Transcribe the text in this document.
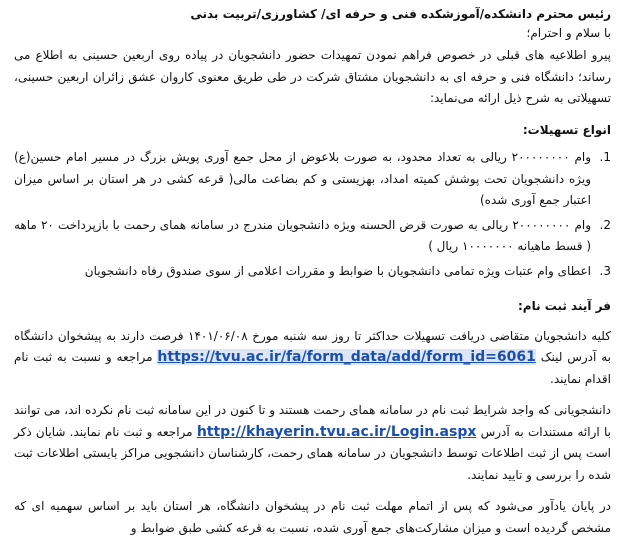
رئیس محترم دانشکده/آموزشکده فنی و حرفه ای/ کشاورزی/تربیت بدنی

با سلام و احترام؛

پیرو اطلاعیه های قبلی در خصوص فراهم نمودن تمهیدات حضور دانشجویان در پیاده روی اربعین حسینی به اطلاع می رساند؛ دانشگاه فنی و حرفه ای به دانشجویان مشتاق شرکت در طی طریق معنوی کاروان عشق زائران اربعین حسینی، تسهیلاتی به شرح ذیل ارائه می‌نماید:

انواع تسهیلات:

1.
وام ۲۰۰۰۰۰۰۰۰ ریالی به تعداد محدود، به صورت بلاعوض از محل جمع آوری پویش بزرگ در مسیر امام حسین(ع) ویژه دانشجویان تحت پوشش کمیته امداد، بهزیستی و کم بضاعت مالی( قرعه کشی در هر استان بر اساس میزان اعتبار جمع آوری شده)
2.
وام ۲۰۰۰۰۰۰۰۰ ریالی به صورت قرض الحسنه ویژه دانشجویان مندرج در سامانه همای رحمت با بازپرداخت ۲۰ ماهه ( قسط ماهیانه ۱۰۰۰۰۰۰۰ ریال )
3.
اعطای وام عتبات ویژه تمامی دانشجویان با ضوابط و مقررات اعلامی از سوی صندوق رفاه دانشجویان

فر آیند ثبت نام:

کلیه دانشجویان متقاضی دریافت تسهیلات حداکثر تا روز سه شنبه مورخ ۱۴۰۱/۰۶/۰۸ فرصت دارند به پیشخوان دانشگاه به آدرس لینک https://tvu.ac.ir/fa/form_data/add/form_id=6061 مراجعه و نسبت به ثبت نام اقدام نمایند.

دانشجویانی که واجد شرایط ثبت نام در سامانه همای رحمت هستند و تا کنون در این سامانه ثبت نام نکرده اند، می توانند با ارائه مستندات به آدرس http://khayerin.tvu.ac.ir/Login.aspx مراجعه و ثبت نام نمایند. شایان ذکر است پس از ثبت اطلاعات توسط دانشجویان در سامانه همای رحمت، کارشناسان دانشجویی مراکز بایستی اطلاعات ثبت شده را بررسی و تایید نمایند.

در پایان یادآور می‌شود که پس از اتمام مهلت ثبت نام در پیشخوان دانشگاه، هر استان باید بر اساس سهمیه ای که مشخص گردیده است و میزان مشارکت‌های جمع آوری شده، نسبت به قرعه کشی طبق ضوابط و
